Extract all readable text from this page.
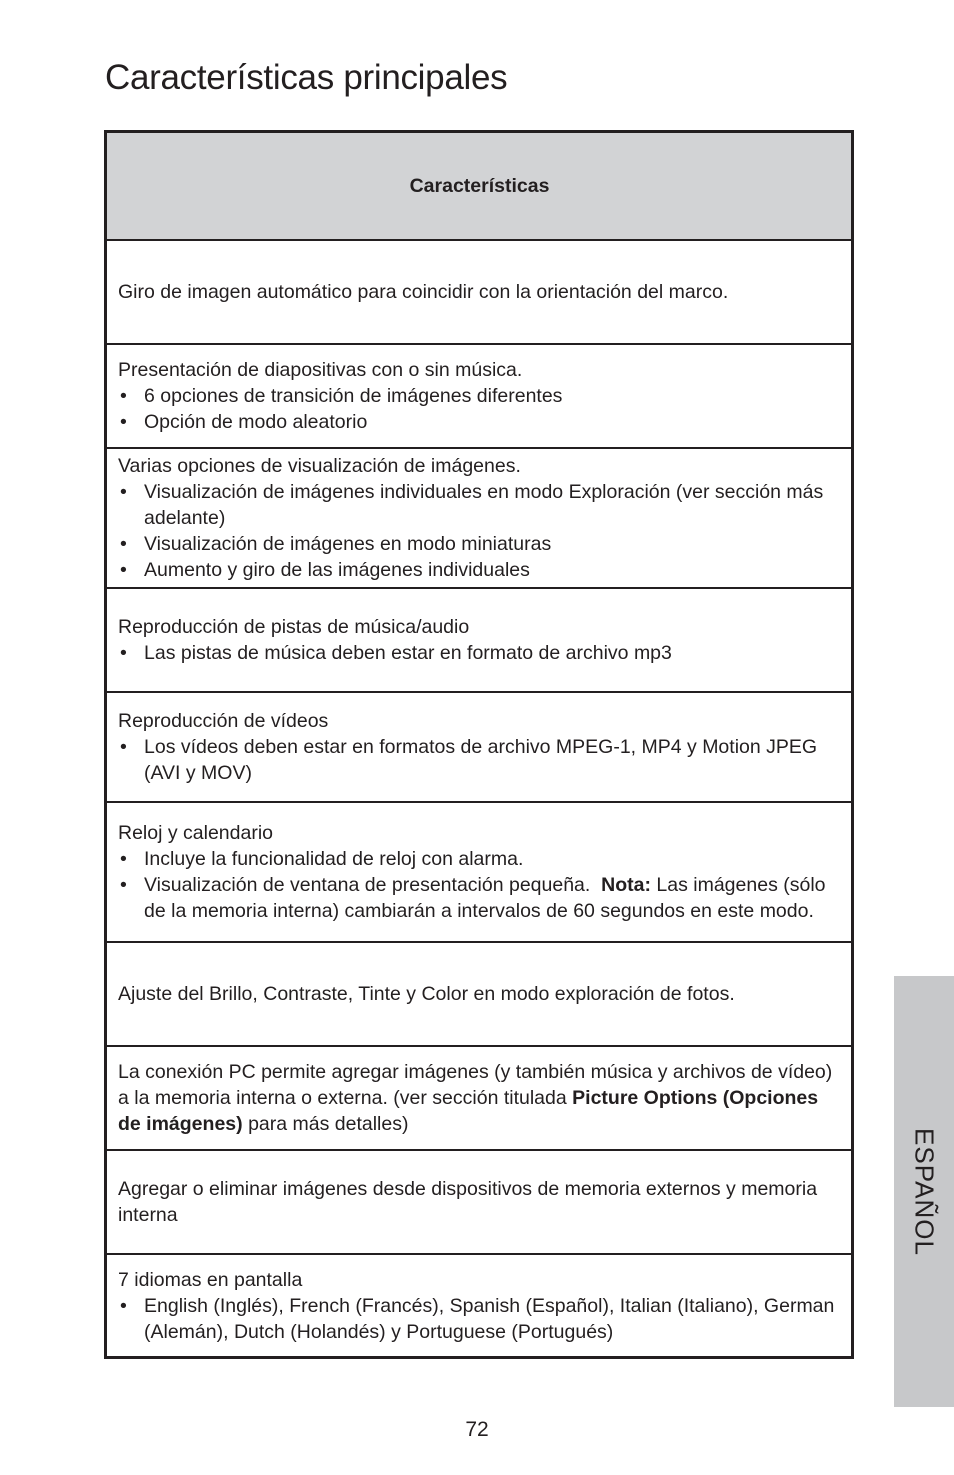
Características principales
Características
Giro de imagen automático para coincidir con la orientación del marco.
Presentación de diapositivas con o sin música.
• 6 opciones de transición de imágenes diferentes
• Opción de modo aleatorio
Varias opciones de visualización de imágenes.
• Visualización de imágenes individuales en modo Exploración (ver sección más adelante)
• Visualización de imágenes en modo miniaturas
• Aumento y giro de las imágenes individuales
Reproducción de pistas de música/audio
• Las pistas de música deben estar en formato de archivo mp3
Reproducción de vídeos
• Los vídeos deben estar en formatos de archivo MPEG-1, MP4 y Motion JPEG (AVI y MOV)
Reloj y calendario
• Incluye la funcionalidad de reloj con alarma.
• Visualización de ventana de presentación pequeña. Nota: Las imágenes (sólo de la memoria interna) cambiarán a intervalos de 60 segundos en este modo.
Ajuste del Brillo, Contraste, Tinte y Color en modo exploración de fotos.
La conexión PC permite agregar imágenes (y también música y archivos de vídeo) a la memoria interna o externa. (ver sección titulada Picture Options (Opciones de imágenes) para más detalles)
Agregar o eliminar imágenes desde dispositivos de memoria externos y memoria interna
7 idiomas en pantalla
• English (Inglés), French (Francés), Spanish (Español), Italian (Italiano), German (Alemán), Dutch (Holandés) y Portuguese (Portugués)
ESPAÑOL
72
